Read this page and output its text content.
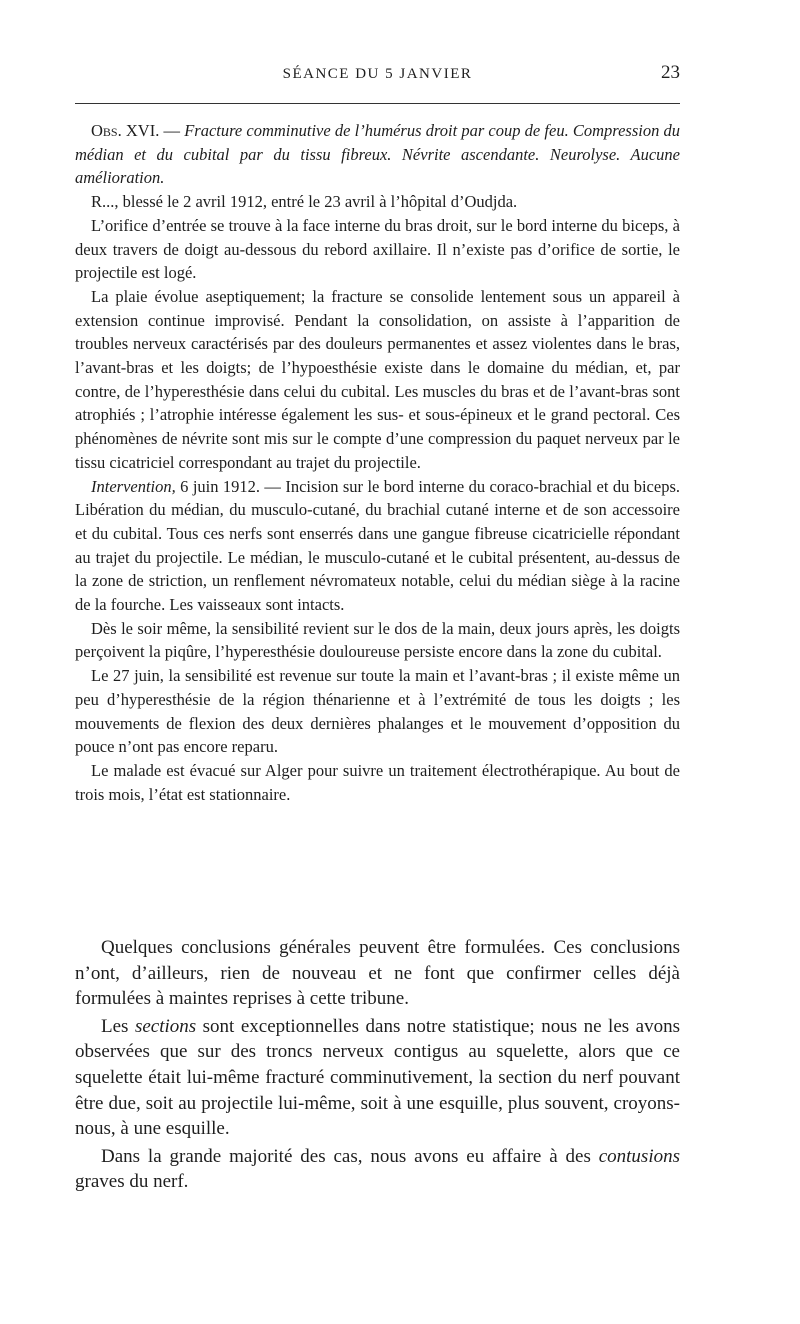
SÉANCE DU 5 JANVIER	23

Obs. XVI. — Fracture comminutive de l’humérus droit par coup de feu. Compression du médian et du cubital par du tissu fibreux. Névrite ascendante. Neurolyse. Aucune amélioration.

R..., blessé le 2 avril 1912, entré le 23 avril à l’hôpital d’Oudjda.

L’orifice d’entrée se trouve à la face interne du bras droit, sur le bord interne du biceps, à deux travers de doigt au-dessous du rebord axillaire. Il n’existe pas d’orifice de sortie, le projectile est logé.

La plaie évolue aseptiquement; la fracture se consolide lentement sous un appareil à extension continue improvisé. Pendant la consolidation, on assiste à l’apparition de troubles nerveux caractérisés par des douleurs permanentes et assez violentes dans le bras, l’avant-bras et les doigts; de l’hypoesthésie existe dans le domaine du médian, et, par contre, de l’hyperesthésie dans celui du cubital. Les muscles du bras et de l’avant-bras sont atrophiés ; l’atrophie intéresse également les sus- et sous-épineux et le grand pectoral. Ces phénomènes de névrite sont mis sur le compte d’une compression du paquet nerveux par le tissu cicatriciel correspondant au trajet du projectile.

Intervention, 6 juin 1912. — Incision sur le bord interne du coraco-brachial et du biceps. Libération du médian, du musculo-cutané, du brachial cutané interne et de son accessoire et du cubital. Tous ces nerfs sont enserrés dans une gangue fibreuse cicatricielle répondant au trajet du projectile. Le médian, le musculo-cutané et le cubital présentent, au-dessus de la zone de striction, un renflement névromateux notable, celui du médian siège à la racine de la fourche. Les vaisseaux sont intacts.

Dès le soir même, la sensibilité revient sur le dos de la main, deux jours après, les doigts perçoivent la piqûre, l’hyperesthésie douloureuse persiste encore dans la zone du cubital.

Le 27 juin, la sensibilité est revenue sur toute la main et l’avant-bras ; il existe même un peu d’hyperesthésie de la région thénarienne et à l’extrémité de tous les doigts ; les mouvements de flexion des deux dernières phalanges et le mouvement d’opposition du pouce n’ont pas encore reparu.

Le malade est évacué sur Alger pour suivre un traitement électrothérapique. Au bout de trois mois, l’état est stationnaire.

Quelques conclusions générales peuvent être formulées. Ces conclusions n’ont, d’ailleurs, rien de nouveau et ne font que confirmer celles déjà formulées à maintes reprises à cette tribune.

Les sections sont exceptionnelles dans notre statistique; nous ne les avons observées que sur des troncs nerveux contigus au squelette, alors que ce squelette était lui-même fracturé comminutivement, la section du nerf pouvant être due, soit au projectile lui-même, soit à une esquille, plus souvent, croyons-nous, à une esquille.

Dans la grande majorité des cas, nous avons eu affaire à des contusions graves du nerf.
